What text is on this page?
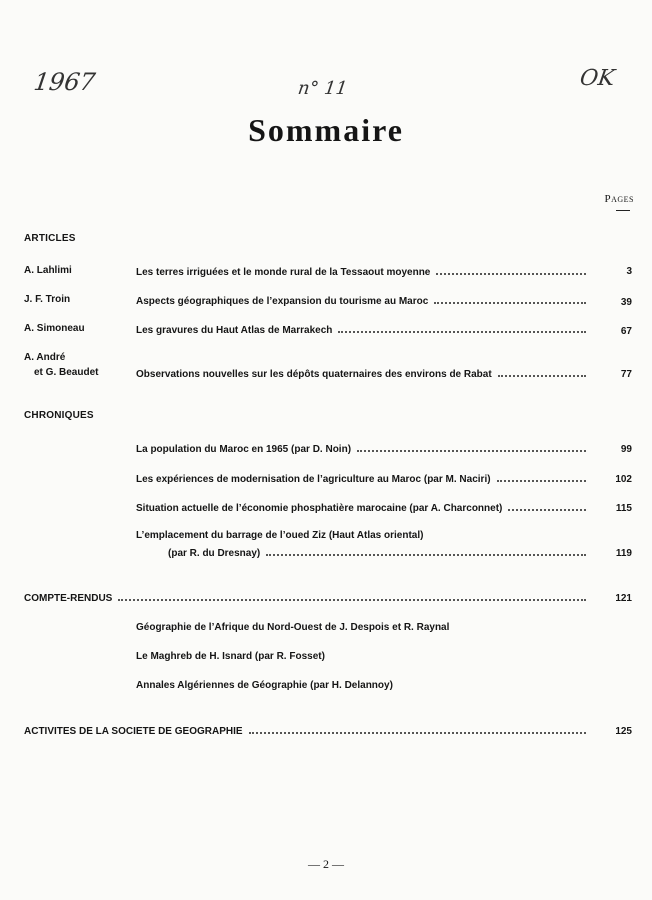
1967	n° 11	OK
Sommaire
Pages
ARTICLES
A. Lahlimi	Les terres irriguées et le monde rural de la Tessaout moyenne	3
J. F. Troin	Aspects géographiques de l’expansion du tourisme au Maroc	39
A. Simoneau	Les gravures du Haut Atlas de Marrakech	67
A. André
et G. Beaudet	Observations nouvelles sur les dépôts quaternaires des environs de Rabat	77
CHRONIQUES
La population du Maroc en 1965 (par D. Noin)	99
Les expériences de modernisation de l’agriculture au Maroc (par M. Naciri)	102
Situation actuelle de l’économie phosphatière marocaine (par A. Charconnet)	115
L’emplacement du barrage de l’oued Ziz (Haut Atlas oriental)
(par R. du Dresnay)	119
COMPTE-RENDUS	121
Géographie de l’Afrique du Nord-Ouest de J. Despois et R. Raynal
Le Maghreb de H. Isnard (par R. Fosset)
Annales Algériennes de Géographie (par H. Delannoy)
ACTIVITES DE LA SOCIETE DE GEOGRAPHIE	125
— 2 —
